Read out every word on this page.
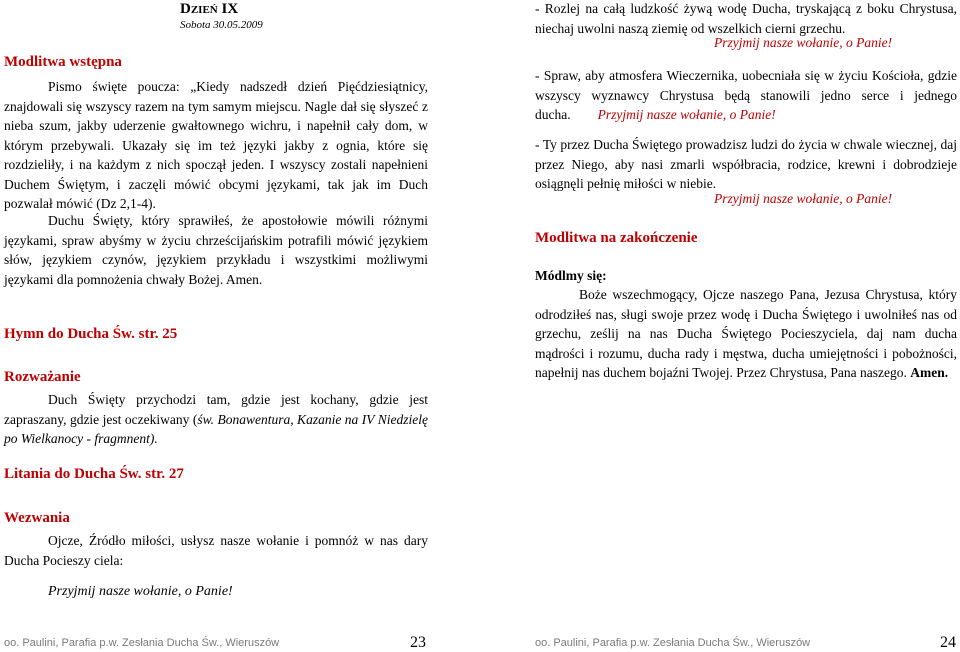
DZIEŃ IX
Sobota 30.05.2009
Modlitwa wstępna

Pismo święte poucza: „Kiedy nadszedł dzień Pięćdziesiątnicy, znajdowali się wszyscy razem na tym samym miejscu. Nagle dał się słyszeć z nieba szum, jakby uderzenie gwałtownego wichru, i napełnił cały dom, w którym przebywali. Ukazały się im też języki jakby z ognia, które się rozdzieliły, i na każdym z nich spoczął jeden. I wszyscy zostali napełnieni Duchem Świętym, i zaczęli mówić obcymi językami, tak jak im Duch pozwalał mówić (Dz 2,1-4).

Duchu Święty, który sprawiłeś, że apostołowie mówili różnymi językami, spraw abyśmy w życiu chrześcijańskim potrafili mówić językiem słów, językiem czynów, językiem przykładu i wszystkimi możliwymi językami dla pomnożenia chwały Bożej. Amen.

Hymn do Ducha Św. str. 25
Rozważanie

Duch Święty przychodzi tam, gdzie jest kochany, gdzie jest zapraszany, gdzie jest oczekiwany (św. Bonawentura, Kazanie na IV Niedzielę po Wielkanocy - fragmnent).

Litania do Ducha Św. str. 27
Wezwania

Ojcze, Źródło miłości, usłysz nasze wołanie i pomnóż w nas dary Ducha Pocieszy ciela:

Przyjmij nasze wołanie, o Panie!
oo. Paulini, Parafia p.w. Zesłania Ducha Św., Wieruszów	23

- Rozlej na całą ludzkość żywą wodę Ducha, tryskającą z boku Chrystusa, niechaj uwolni naszą ziemię od wszelkich cierni grzechu.

Przyjmij nasze wołanie, o Panie!

- Spraw, aby atmosfera Wieczernika, uobecniała się w życiu Kościoła, gdzie wszyscy wyznawcy Chrystusa będą stanowili jedno serce i jednego ducha. Przyjmij nasze wołanie, o Panie!

- Ty przez Ducha Świętego prowadzisz ludzi do życia w chwale wiecznej, daj przez Niego, aby nasi zmarli współbracia, rodzice, krewni i dobrodzieje osiągnęli pełnię miłości w niebie.

Przyjmij nasze wołanie, o Panie!
Modlitwa na zakończenie
Módlmy się:

Boże wszechmogący, Ojcze naszego Pana, Jezusa Chrystusa, który odrodziłeś nas, sługi swoje przez wodę i Ducha Świętego i uwolniłeś nas od grzechu, ześlij na nas Ducha Świętego Pocieszyciela, daj nam ducha mądrości i rozumu, ducha rady i męstwa, ducha umiejętności i pobożności, napełnij nas duchem bojaźni Twojej. Przez Chrystusa, Pana naszego. Amen.

oo. Paulini, Parafia p.w. Zesłania Ducha Św., Wieruszów	24
